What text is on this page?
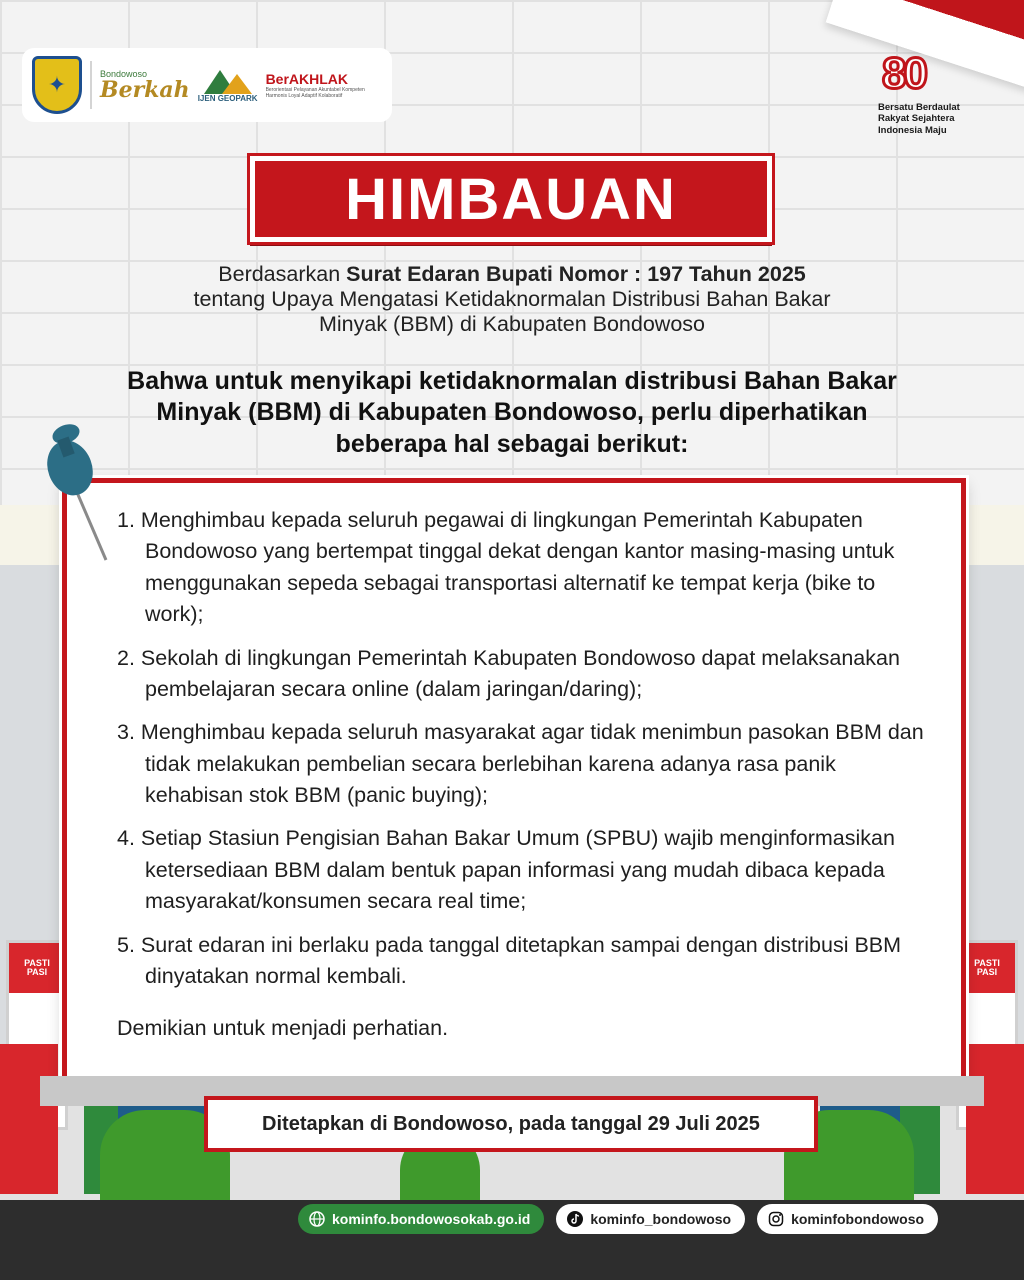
✦	Bondowoso
Berkah IJEN GEOPARK
BerAKHLAK
Berorientasi Pelayanan Akuntabel Kompeten Harmonis Loyal Adaptif Kolaboratif	80
Bersatu Berdaulat
Rakyat Sejahtera
Indonesia Maju
HIMBAUAN
Berdasarkan Surat Edaran Bupati Nomor : 197 Tahun 2025
tentang Upaya Mengatasi Ketidaknormalan Distribusi Bahan Bakar
Minyak (BBM) di Kabupaten Bondowoso
Bahwa untuk menyikapi ketidaknormalan distribusi Bahan Bakar
Minyak (BBM) di Kabupaten Bondowoso, perlu diperhatikan
beberapa hal sebagai berikut:
PASTI
PASI
PASTI
PASI
1. Menghimbau kepada seluruh pegawai di lingkungan Pemerintah Kabupaten Bondowoso yang bertempat tinggal dekat dengan kantor masing-masing untuk menggunakan sepeda sebagai transportasi alternatif ke tempat kerja (bike to work);
2. Sekolah di lingkungan Pemerintah Kabupaten Bondowoso dapat melaksanakan pembelajaran secara online (dalam jaringan/daring);
3. Menghimbau kepada seluruh masyarakat agar tidak menimbun pasokan BBM dan tidak melakukan pembelian secara berlebihan karena adanya rasa panik kehabisan stok BBM (panic buying);
4. Setiap Stasiun Pengisian Bahan Bakar Umum (SPBU) wajib menginformasikan ketersediaan BBM dalam bentuk papan informasi yang mudah dibaca kepada masyarakat/konsumen secara real time;
5. Surat edaran ini berlaku pada tanggal ditetapkan sampai dengan distribusi BBM dinyatakan normal kembali.
Demikian untuk menjadi perhatian.
Ditetapkan di Bondowoso, pada tanggal 29 Juli 2025
kominfo.bondowosokab.go.id	kominfo_bondowoso	kominfobondowoso
